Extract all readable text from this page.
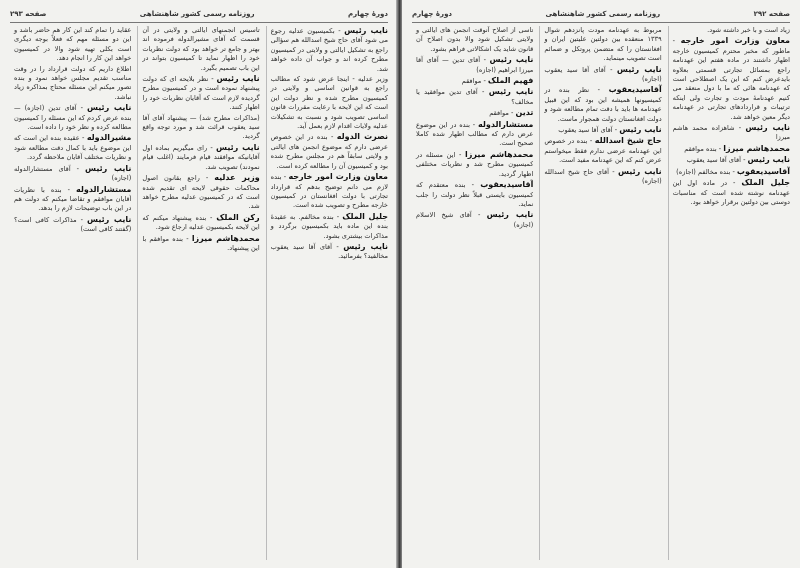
دورهٔ چهارم
روزنامه رسمی کشور شاهنشاهی
صفحه ۲۹۳

نایب رئیس - بکمیسیون عدلیه رجوع می شود آقای حاج شیخ اسدالله هم سؤالی راجع به تشکیل ایالتی و ولایتی در کمیسیون مطرح کرده اند و جواب آن داده خواهد شد.

وزیر عدلیه - اینجا عرض شود که مطالب راجع به قوانین اساسی و ولایتی در کمیسیون مطرح شده و نظر دولت این است که این لایحه با رعایت مقررات قانون اساسی تصویب شود و نسبت به تشکیلات عدلیه ولایات اقدام لازم بعمل آید.

نصرت الدوله - بنده در این خصوص عرضی دارم که موضوع انجمن های ایالتی و ولایتی سابقاً هم در مجلس مطرح شده بود و کمیسیون آن را مطالعه کرده است.

معاون وزارت امور خارجه - بنده لازم می دانم توضیح بدهم که قرارداد تجارتی با دولت افغانستان در کمیسیون خارجه مطرح و تصویب شده است.

جلیل الملک - بنده مخالفم. به عقیدهٔ بنده این ماده باید بکمیسیون برگردد و مذاکرات بیشتری بشود.

نایب رئیس - آقای آقا سید یعقوب مخالفید؟ بفرمائید.

تاسیس انجمنهای ایالتی و ولایتی در آن قسمت که آقای مشیرالدوله فرموده اند بهتر و جامع تر خواهد بود که دولت نظریات خود را اظهار نماید تا کمیسیون بتواند در این باب تصمیم بگیرد.

نایب رئیس - نظر بلایحه ای که دولت پیشنهاد نموده است و در کمیسیون مطرح گردیده لازم است که آقایان نظریات خود را اظهار کنند.

(مذاکرات مطرح شد) — پیشنهاد آقای آقا سید یعقوب قرائت شد و مورد توجه واقع گردید.

نایب رئیس - رای میگیریم بماده اول آقایانیکه موافقند قیام فرمایند (اغلب قیام نمودند) تصویب شد.

وزیر عدلیه - راجع بقانون اصول محاکمات حقوقی لایحه ای تقدیم شده است که در کمیسیون عدلیه مطرح خواهد شد.

رکن الملک - بنده پیشنهاد میکنم که این لایحه بکمیسیون عدلیه ارجاع شود.

محمدهاشم میرزا - بنده موافقم با این پیشنهاد.

عقاید را تمام کند این کار هم حاضر باشد و این دو مسئله مهم که فعلاً بوجه دیگری است بکلی تهیه شود والا در کمیسیون خواهد این کار را انجام دهد.

اطلاع داریم که دولت قرارداد را در وقت مناسب تقدیم مجلس خواهد نمود و بنده تصور میکنم این مسئله محتاج بمذاکره زیاد نباشد.

نایب رئیس - آقای تدین (اجازه) — بنده عرض کردم که این مسئله را کمیسیون مطالعه کرده و نظر خود را داده است.

مشیرالدوله - عقیده بنده این است که این موضوع باید با کمال دقت مطالعه شود و نظریات مختلف آقایان ملاحظه گردد.

نایب رئیس - آقای مستشارالدوله (اجازه)

مستشارالدوله - بنده با نظریات آقایان موافقم و تقاضا میکنم که دولت هم در این باب توضیحات لازم را بدهد.

نایب رئیس - مذاکرات کافی است؟ (گفتند کافی است)

صفحه ۲۹۲
روزنامه رسمی کشور شاهنشاهی
دورهٔ چهارم

زیاد است و با خبر داشته شود.

معاون وزارت امور خارجه - ماطور که مخبر محترم کمیسیون خارجه اظهار داشتند در ماده هفتم این عهدنامه راجع بمسائل تجارتی قسمتی بعلاوه بایدعرض کنم که این یک اصطلاحی است که عهدنامه هائی که ما با دول منعقد می کنیم عهدنامهٔ مودت و تجارت ولی اینکه ترتیبات و قراردادهای تجارتی در عهدنامه دیگر معین خواهد شد.

نایب رئیس - شاهزاده محمد هاشم میرزا

محمدهاشم میرزا - بنده موافقم

نایب رئیس - آقای آقا سید یعقوب

آقاسیدیعقوب - بنده مخالفم (اجازه)

جلیل الملک - در ماده اول این عهدنامه نوشته شده است که مناسبات دوستی بین دولتین برقرار خواهد بود.

مربوط به عهدنامه مودت پانزدهم شوال ۱۳۳۹ منعقده بین دولتین علیتین ایران و افغانستان را که متضمن پروتکل و ضمائم است تصویب مینماید.

نایب رئیس - آقای آقا سید یعقوب (اجازه)

آقاسیدیعقوب - نظر بنده در کمیسیونها همیشه این بود که این قبیل عهدنامه ها باید با دقت تمام مطالعه شود و دولت افغانستان دولت همجوار ماست.

نایب رئیس - آقای آقا سید یعقوب

حاج شیخ اسدالله - بنده در خصوص این عهدنامه عرضی ندارم فقط میخواستم عرض کنم که این عهدنامه مفید است.

نایب رئیس - آقای حاج شیخ اسدالله (اجازه)

تاسی از اصلاح آنوقت انجمن های ایالتی و ولایتی تشکیل شود والا بدون اصلاح آن قانون شاید یک اشکالاتی فراهم بشود.

نایب رئیس - آقای تدین — آقای آقا میرزا ابراهیم (اجازه)

فهیم الملک - موافقم

نایب رئیس - آقای تدین موافقید یا مخالف؟

تدین - موافقم

مستشارالدوله - بنده در این موضوع عرض دارم که مطالب اظهار شده کاملا صحیح است.

محمدهاشم میرزا - این مسئله در کمیسیون مطرح شد و نظریات مختلفی اظهار گردید.

آقاسیدیعقوب - بنده معتقدم که کمیسیون بایستی قبلاً نظر دولت را جلب نماید.

نایب رئیس - آقای شیخ الاسلام (اجازه)
